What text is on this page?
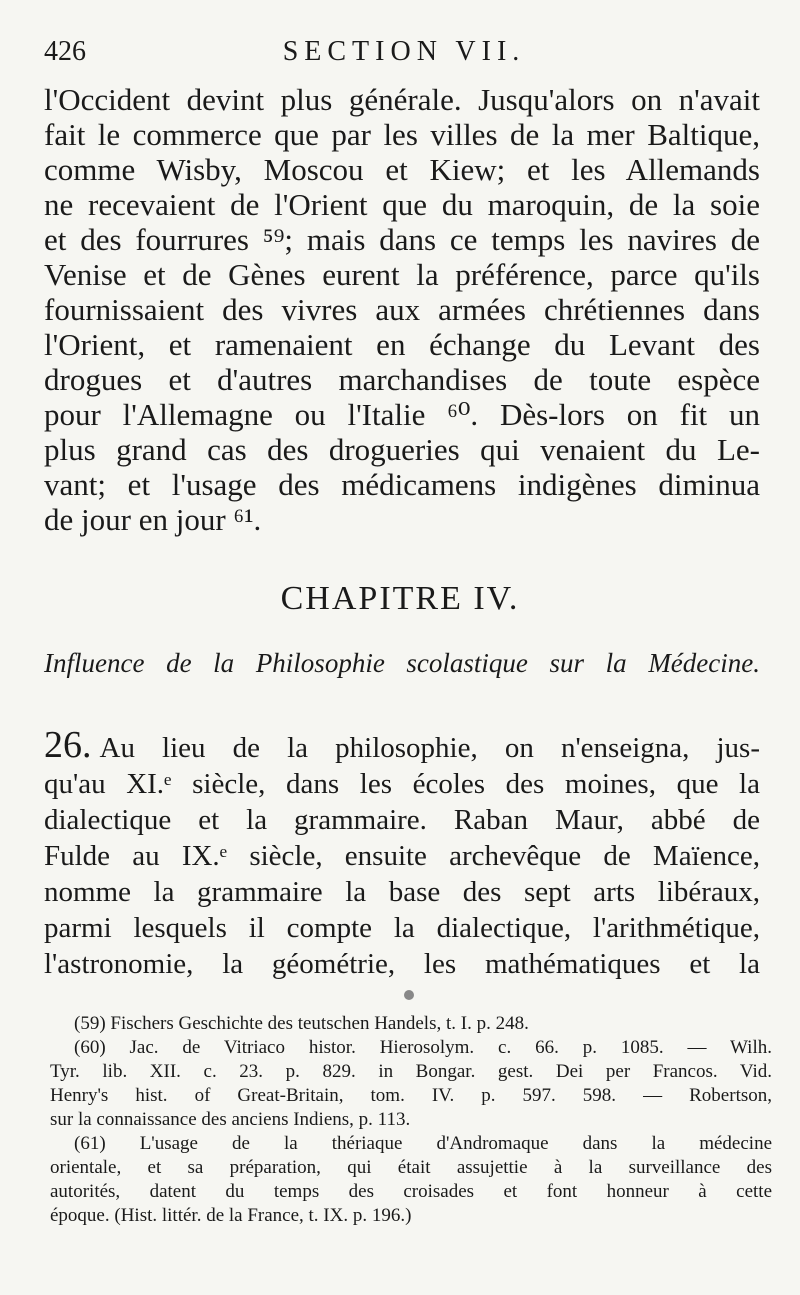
426	SECTION VII.
l'Occident devint plus générale. Jusqu'alors on n'avait
fait le commerce que par les villes de la mer Baltique,
comme Wisby, Moscou et Kiew; et les Allemands
ne recevaient de l'Orient que du maroquin, de la soie
et des fourrures ⁵⁹; mais dans ce temps les navires de
Venise et de Gènes eurent la préférence, parce qu'ils
fournissaient des vivres aux armées chrétiennes dans
l'Orient, et ramenaient en échange du Levant des
drogues et d'autres marchandises de toute espèce
pour l'Allemagne ou l'Italie ⁶⁰. Dès-lors on fit un
plus grand cas des drogueries qui venaient du Le-
vant; et l'usage des médicamens indigènes diminua
de jour en jour ⁶¹.
CHAPITRE IV.
Influence de la Philosophie scolastique sur la Médecine.
26. Au lieu de la philosophie, on n'enseigna, jus-
qu'au XI.ᵉ siècle, dans les écoles des moines, que la
dialectique et la grammaire. Raban Maur, abbé de
Fulde au IX.ᵉ siècle, ensuite archevêque de Maïence,
nomme la grammaire la base des sept arts libéraux,
parmi lesquels il compte la dialectique, l'arithmétique,
l'astronomie, la géométrie, les mathématiques et la
(59) Fischers Geschichte des teutschen Handels, t. I. p. 248.
(60) Jac. de Vitriaco histor. Hierosolym. c. 66. p. 1085. — Wilh.
Tyr. lib. XII. c. 23. p. 829. in Bongar. gest. Dei per Francos. Vid.
Henry's hist. of Great-Britain, tom. IV. p. 597. 598. — Robertson,
sur la connaissance des anciens Indiens, p. 113.
(61) L'usage de la thériaque d'Andromaque dans la médecine
orientale, et sa préparation, qui était assujettie à la surveillance des
autorités, datent du temps des croisades et font honneur à cette
époque. (Hist. littér. de la France, t. IX. p. 196.)
